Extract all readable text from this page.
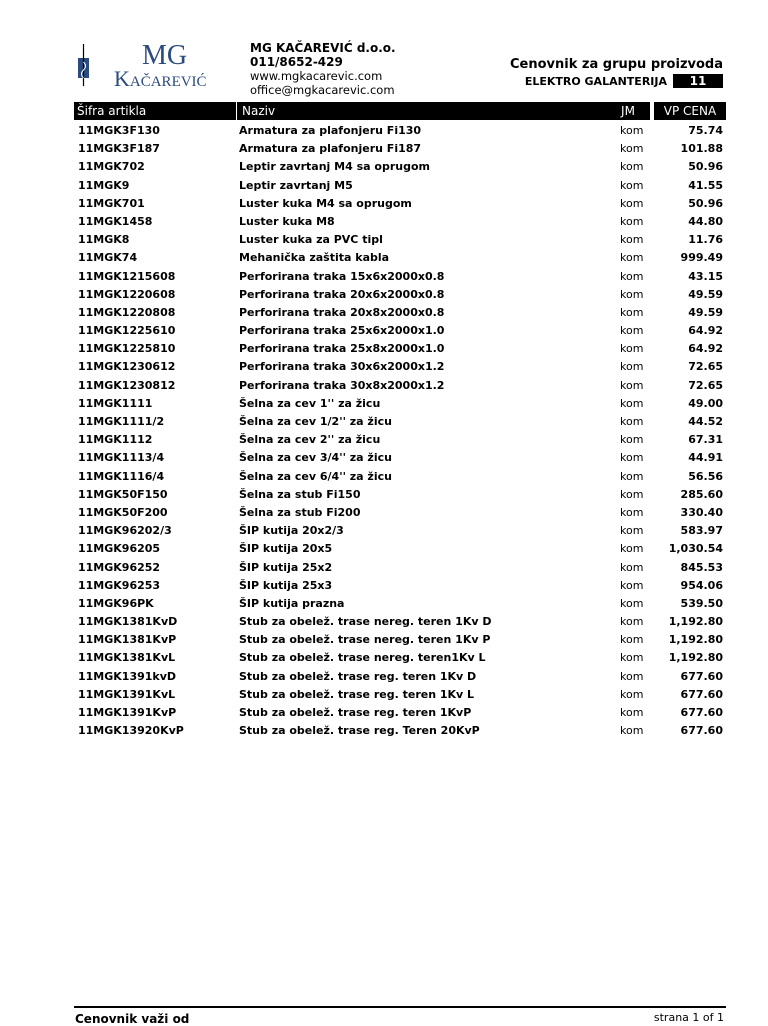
MG
Kačarević
MG KAČAREVIĆ d.o.o.
011/8652-429
www.mgkacarevic.com
office@mgkacarevic.com
Cenovnik za grupu proizvoda
ELEKTRO GALANTERIJA	11
Šifra artikla	Naziv	JM	VP CENA
11MGK3F130	Armatura za plafonjeru Fi130	kom	75.74
11MGK3F187	Armatura za plafonjeru Fi187	kom	101.88
11MGK702	Leptir zavrtanj M4 sa oprugom	kom	50.96
11MGK9	Leptir zavrtanj M5	kom	41.55
11MGK701	Luster kuka M4 sa oprugom	kom	50.96
11MGK1458	Luster kuka M8	kom	44.80
11MGK8	Luster kuka za PVC tipl	kom	11.76
11MGK74	Mehanička zaštita kabla	kom	999.49
11MGK1215608	Perforirana traka 15x6x2000x0.8	kom	43.15
11MGK1220608	Perforirana traka 20x6x2000x0.8	kom	49.59
11MGK1220808	Perforirana traka 20x8x2000x0.8	kom	49.59
11MGK1225610	Perforirana traka 25x6x2000x1.0	kom	64.92
11MGK1225810	Perforirana traka 25x8x2000x1.0	kom	64.92
11MGK1230612	Perforirana traka 30x6x2000x1.2	kom	72.65
11MGK1230812	Perforirana traka 30x8x2000x1.2	kom	72.65
11MGK1111	Šelna za cev 1'' za žicu	kom	49.00
11MGK1111/2	Šelna za cev 1/2'' za žicu	kom	44.52
11MGK1112	Šelna za cev 2'' za žicu	kom	67.31
11MGK1113/4	Šelna za cev 3/4'' za žicu	kom	44.91
11MGK1116/4	Šelna za cev 6/4'' za žicu	kom	56.56
11MGK50F150	Šelna za stub Fi150	kom	285.60
11MGK50F200	Šelna za stub Fi200	kom	330.40
11MGK96202/3	ŠIP kutija 20x2/3	kom	583.97
11MGK96205	ŠIP kutija 20x5	kom 1,030.54
11MGK96252	ŠIP kutija 25x2	kom	845.53
11MGK96253	ŠIP kutija 25x3	kom	954.06
11MGK96PK	ŠIP kutija prazna	kom	539.50
11MGK1381KvD	Stub za obelež. trase nereg. teren 1Kv D	kom 1,192.80
11MGK1381KvP	Stub za obelež. trase nereg. teren 1Kv P	kom 1,192.80
11MGK1381KvL	Stub za obelež. trase nereg. teren1Kv L	kom 1,192.80
11MGK1391kvD	Stub za obelež. trase reg. teren 1Kv D	kom	677.60
11MGK1391KvL	Stub za obelež. trase reg. teren 1Kv L	kom	677.60
11MGK1391KvP	Stub za obelež. trase reg. teren 1KvP	kom	677.60
11MGK13920KvP	Stub za obelež. trase reg. Teren 20KvP	kom	677.60
Cenovnik važi od	strana 1 of 1
